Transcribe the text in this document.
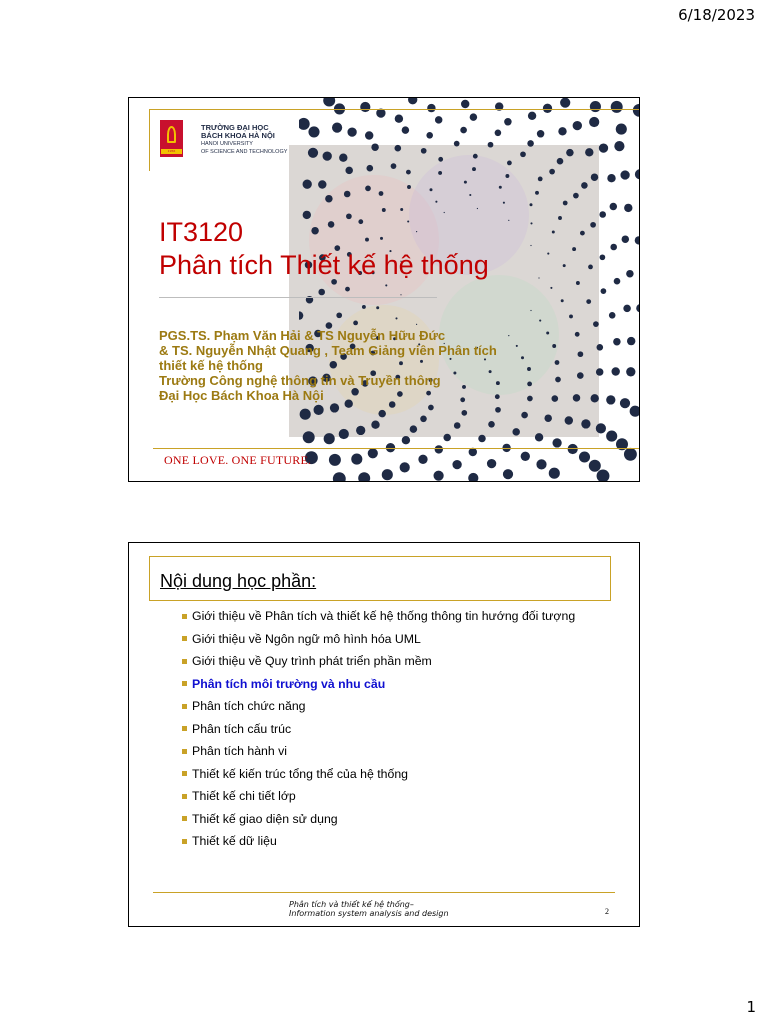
6/18/2023
1956
TRƯỜNG ĐẠI HỌC
BÁCH KHOA HÀ NỘI
HANOI UNIVERSITY
OF SCIENCE AND TECHNOLOGY
IT3120
Phân tích Thiết kế hệ thống
PGS.TS. Phạm Văn Hải & TS Nguyễn Hữu Đức
& TS. Nguyễn Nhật Quang , Team Giảng viên Phân tích
thiết kế hệ thống
Trường Công nghệ thông tin và Truyền thông
Đại Học Bách Khoa Hà Nội
ONE LOVE. ONE FUTURE.
Nội dung học phần:
Giới thiệu về Phân tích và thiết kế hệ thống thông tin hướng đối tượng
Giới thiệu về Ngôn ngữ mô hình hóa UML
Giới thiệu về Quy trình phát triển phần mềm
Phân tích môi trường và nhu cầu
Phân tích chức năng
Phân tích cấu trúc
Phân tích hành vi
Thiết kế kiến trúc tổng thể của hệ thống
Thiết kế chi tiết lớp
Thiết kế giao diện sử dụng
Thiết kế dữ liệu
Phân tích và thiết kế hệ thống–
Information system analysis and design	2
1
